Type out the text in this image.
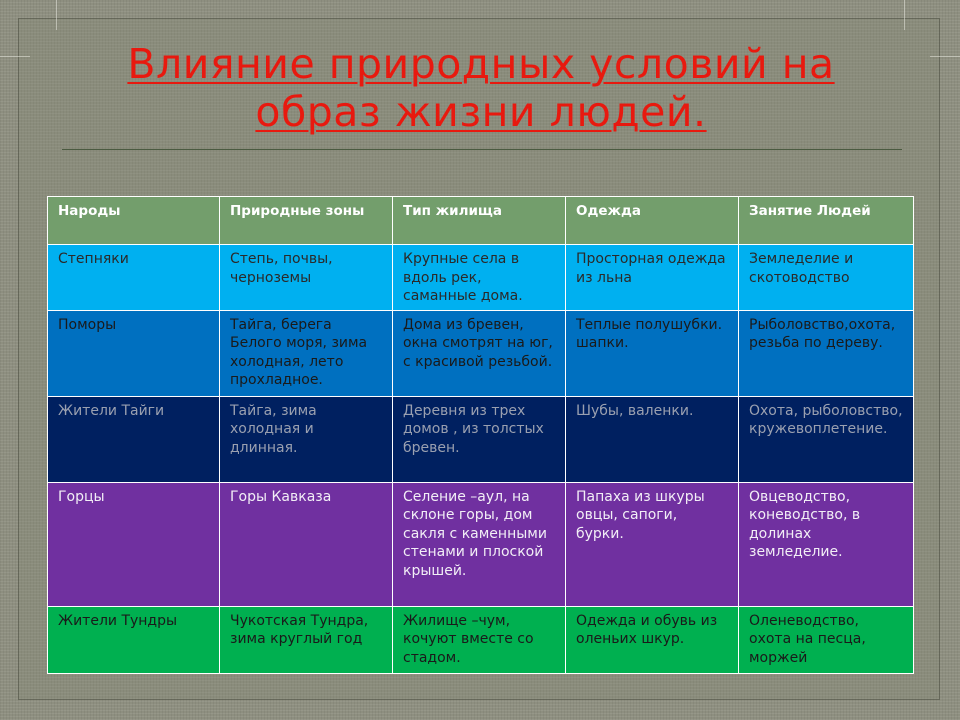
Влияние природных условий на образ жизни людей.
Народы	Природные зоны	Тип жилища	Одежда	Занятие Людей
Степняки	Степь, почвы, черноземы	Крупные села в вдоль рек, саманные дома.	Просторная одежда из льна	Земледелие и скотоводство
Поморы	Тайга, берега Белого моря, зима холодная, лето прохладное.	Дома из бревен, окна смотрят на юг, с красивой резьбой.	Теплые полушубки. шапки.	Рыболовство,охота,резьба по дереву.
Жители Тайги	Тайга, зима холодная и длинная.	Деревня из трех домов , из толстых бревен.	Шубы, валенки.	Охота, рыболовство, кружевоплетение.
Горцы	Горы Кавказа	Селение –аул, на склоне горы, дом сакля с каменными стенами и плоской крышей.	Папаха из шкуры овцы, сапоги, бурки.	Овцеводство, коневодство, в долинах земледелие.
Жители Тундры	Чукотская Тундра, зима круглый год	Жилище –чум, кочуют вместе со стадом.	Одежда и обувь из оленьих шкур.	Оленеводство, охота на песца, моржей
